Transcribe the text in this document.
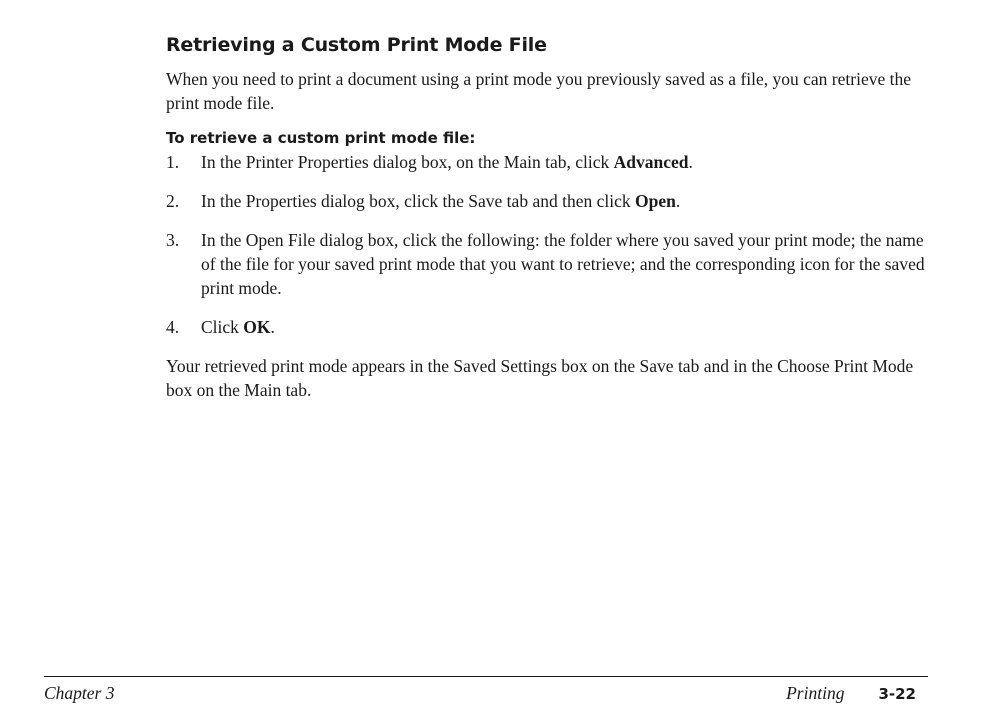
Retrieving a Custom Print Mode File

When you need to print a document using a print mode you previously saved as a file, you can retrieve the print mode file.

To retrieve a custom print mode file:
1. In the Printer Properties dialog box, on the Main tab, click Advanced.
2. In the Properties dialog box, click the Save tab and then click Open.
3. In the Open File dialog box, click the following: the folder where you saved your print mode; the name of the file for your saved print mode that you want to retrieve; and the corresponding icon for the saved print mode.
4. Click OK.

Your retrieved print mode appears in the Saved Settings box on the Save tab and in the Choose Print Mode box on the Main tab.

Chapter 3	Printing 3-22
